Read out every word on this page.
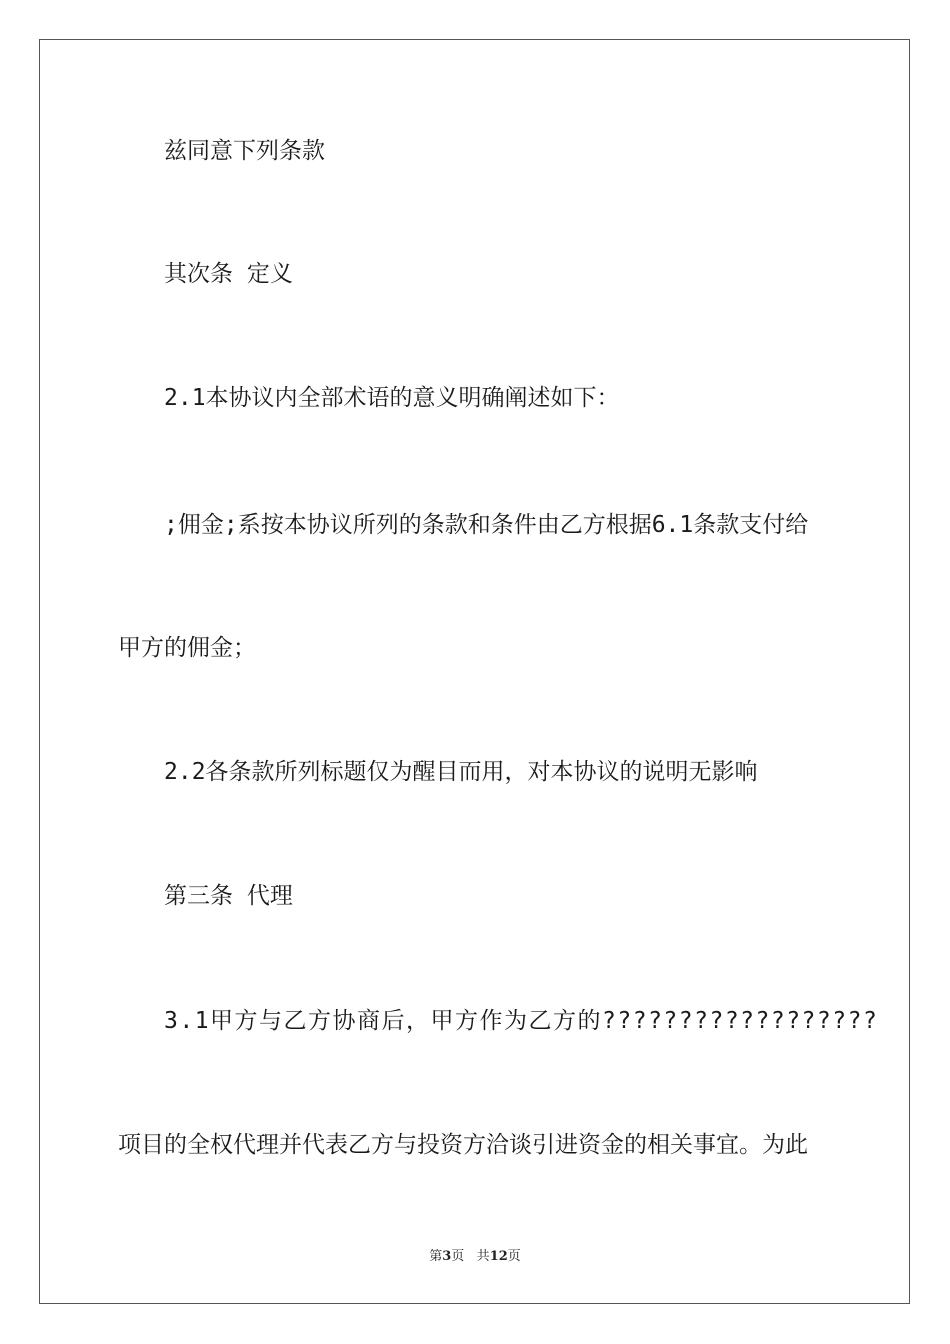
兹同意下列条款
其次条 定义
2.1本协议内全部术语的意义明确阐述如下：
;佣金;系按本协议所列的条款和条件由乙方根据6.1条款支付给
甲方的佣金；
2.2各条款所列标题仅为醒目而用，对本协议的说明无影响
第三条 代理
3.1甲方与乙方协商后，甲方作为乙方的??????????????????
项目的全权代理并代表乙方与投资方洽谈引进资金的相关事宜。为此
第3页 共12页
